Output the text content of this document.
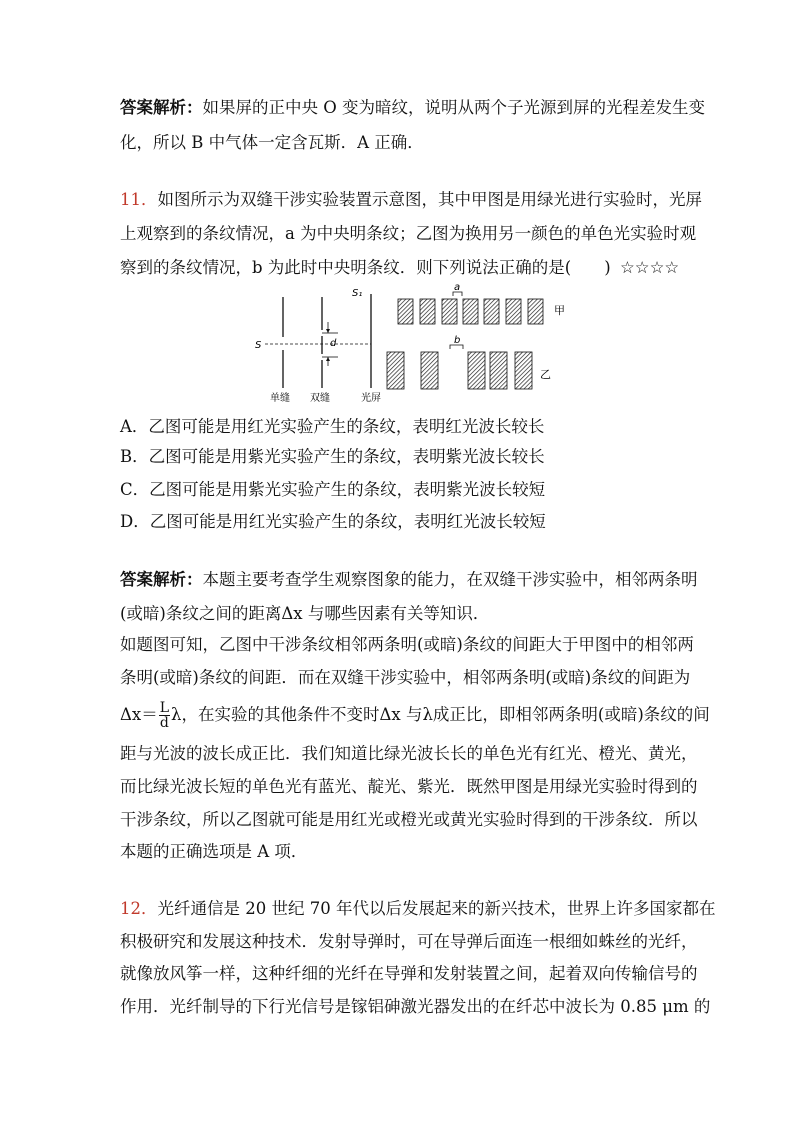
答案解析：如果屏的正中央 O 变为暗纹，说明从两个子光源到屏的光程差发生变
化，所以 B 中气体一定含瓦斯．A 正确．
11．如图所示为双缝干涉实验装置示意图，其中甲图是用绿光进行实验时，光屏
上观察到的条纹情况，a 为中央明条纹；乙图为换用另一颜色的单色光实验时观
察到的条纹情况，b 为此时中央明条纹．则下列说法正确的是(　　) ☆☆☆☆
d
S
S₁
单缝 双缝	光屏
a
甲
b
乙
A．乙图可能是用红光实验产生的条纹，表明红光波长较长
B．乙图可能是用紫光实验产生的条纹，表明紫光波长较长
C．乙图可能是用紫光实验产生的条纹，表明紫光波长较短
D．乙图可能是用红光实验产生的条纹，表明红光波长较短
答案解析：本题主要考查学生观察图象的能力，在双缝干涉实验中，相邻两条明
(或暗)条纹之间的距离Δx 与哪些因素有关等知识．
如题图可知，乙图中干涉条纹相邻两条明(或暗)条纹的间距大于甲图中的相邻两
条明(或暗)条纹的间距．而在双缝干涉实验中，相邻两条明(或暗)条纹的间距为
$\Delta x= \frac{L}{d}$ λ，在实验的其他条件不变时Δx 与λ成正比，即相邻两条明(或暗)条纹的间
距与光波的波长成正比．我们知道比绿光波长长的单色光有红光、橙光、黄光，
而比绿光波长短的单色光有蓝光、靛光、紫光．既然甲图是用绿光实验时得到的
干涉条纹，所以乙图就可能是用红光或橙光或黄光实验时得到的干涉条纹．所以
本题的正确选项是 A 项．
12．光纤通信是 20 世纪 70 年代以后发展起来的新兴技术，世界上许多国家都在
积极研究和发展这种技术．发射导弹时，可在导弹后面连一根细如蛛丝的光纤，
就像放风筝一样，这种纤细的光纤在导弹和发射装置之间，起着双向传输信号的
作用．光纤制导的下行光信号是镓铝砷激光器发出的在纤芯中波长为 0.85 μm 的
